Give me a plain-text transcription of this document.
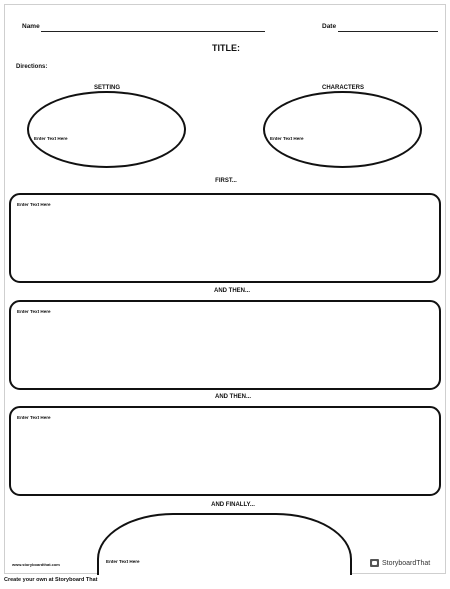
Name	Date
TITLE:
Directions:
SETTING	CHARACTERS
Enter Text Here	Enter Text Here
FIRST...
Enter Text Here
AND THEN...
Enter Text Here
AND THEN...
Enter Text Here
AND FINALLY...
Enter Text Here
www.storyboardthat.com	StoryboardThat
Create your own at Storyboard That
